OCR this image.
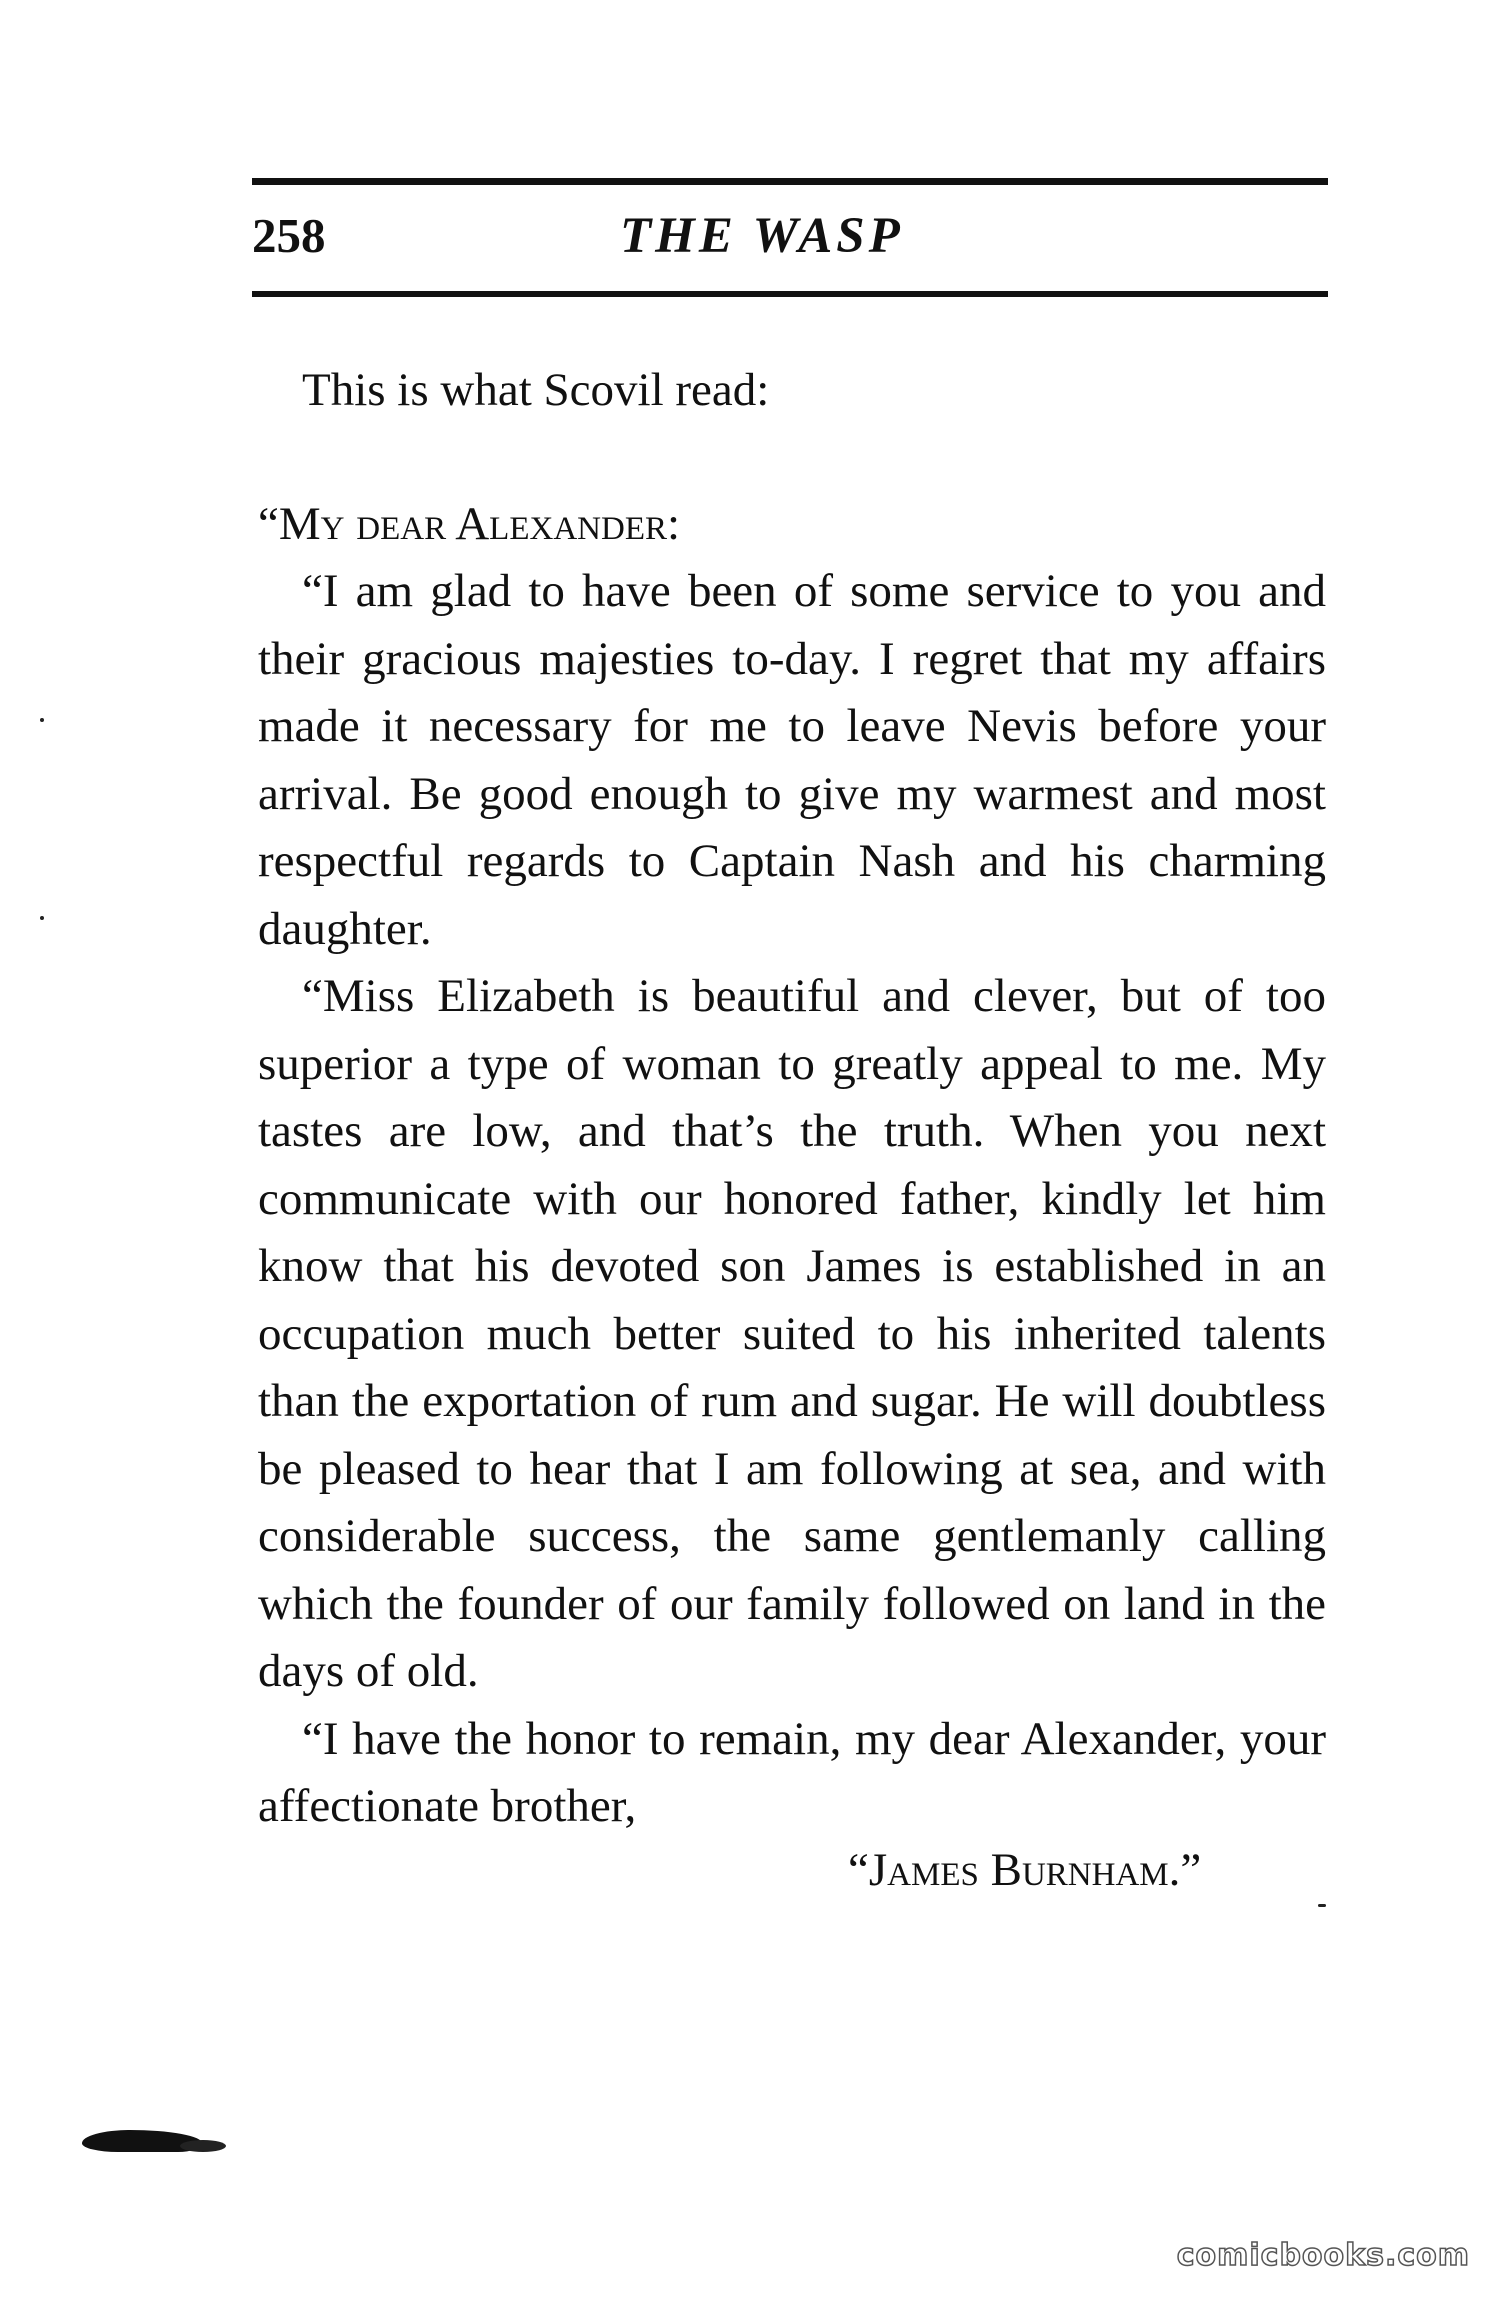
258	THE WASP
This is what Scovil read:
“My dear Alexander:

“I am glad to have been of some service to you and their gracious majesties to-day. I regret that my affairs made it necessary for me to leave Nevis before your arrival. Be good enough to give my warmest and most respectful regards to Captain Nash and his charming daughter.

“Miss Elizabeth is beautiful and clever, but of too superior a type of woman to greatly appeal to me. My tastes are low, and that’s the truth. When you next communicate with our honored father, kindly let him know that his devoted son James is established in an occupation much better suited to his inherited talents than the exportation of rum and sugar. He will doubtless be pleased to hear that I am following at sea, and with considerable success, the same gentlemanly calling which the founder of our family followed on land in the days of old.

“I have the honor to remain, my dear Alexander, your affectionate brother,

“James Burnham.”
comicbooks.com
